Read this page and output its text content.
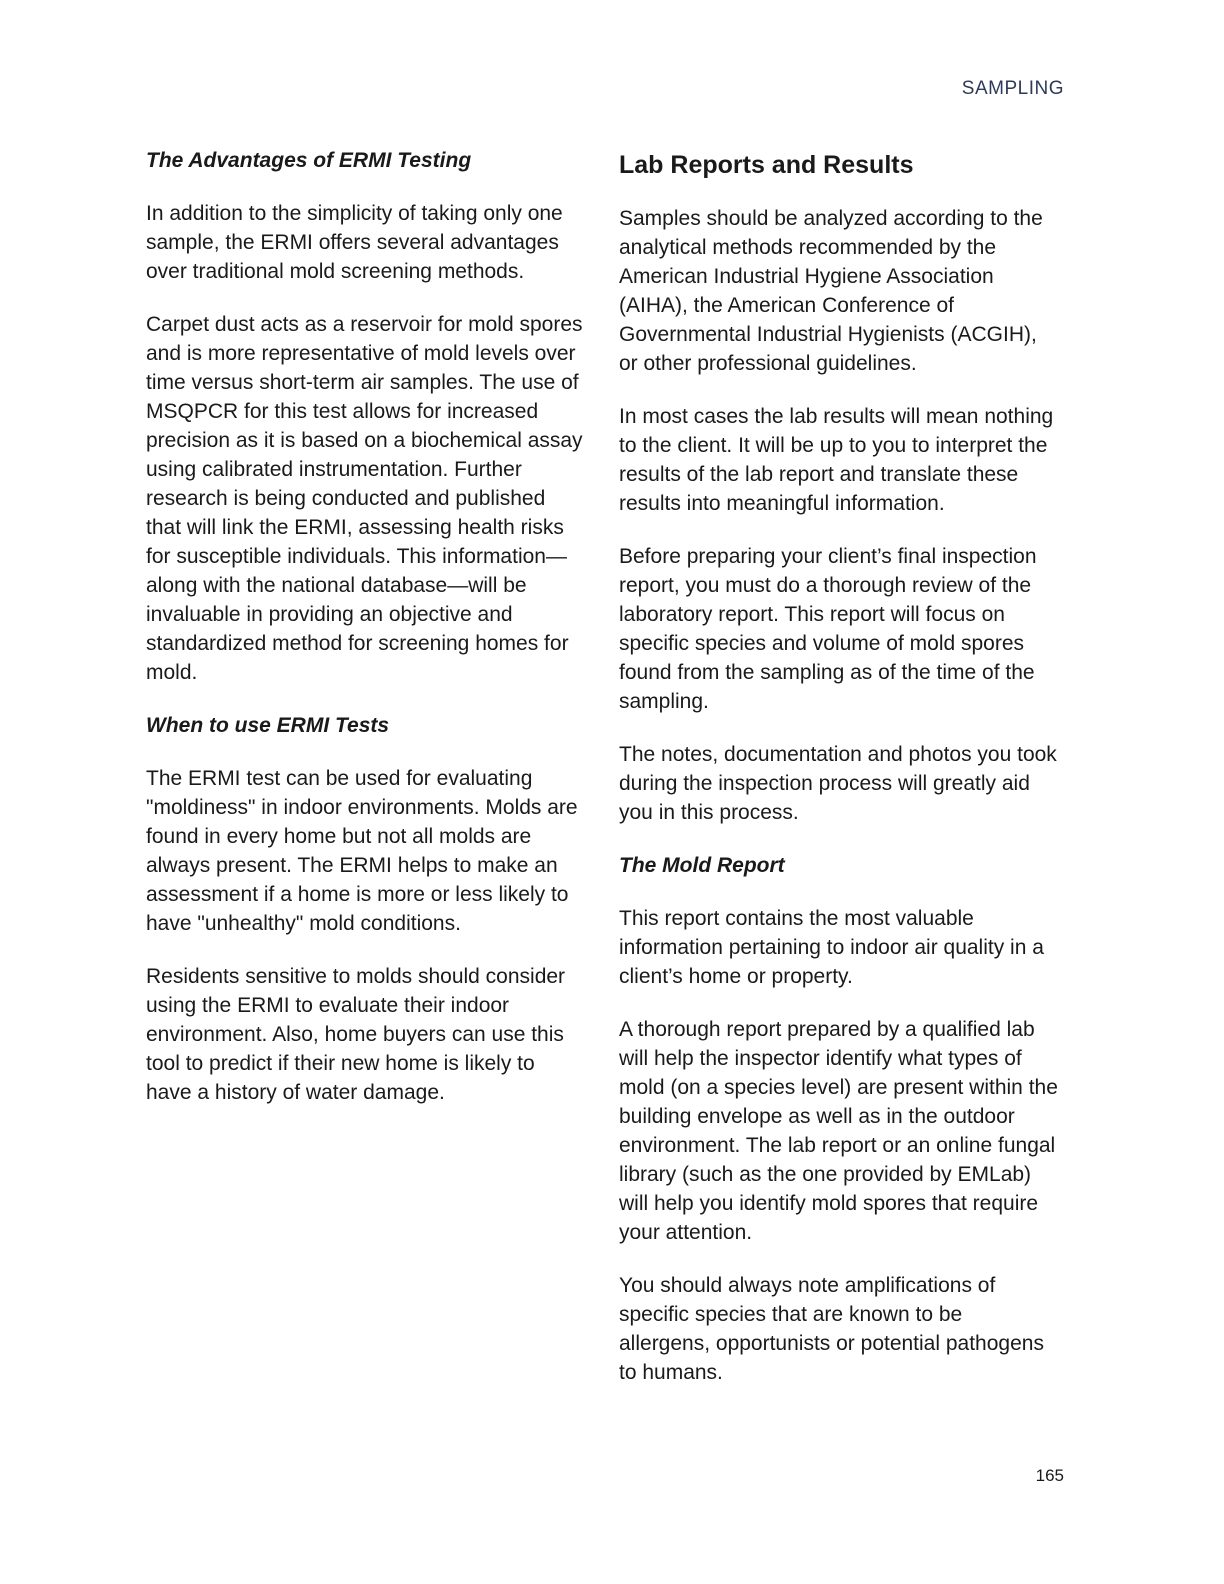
SAMPLING
The Advantages of ERMI Testing

In addition to the simplicity of taking only one sample, the ERMI offers several advantages over traditional mold screening methods.

Carpet dust acts as a reservoir for mold spores and is more representative of mold levels over time versus short-term air samples. The use of MSQPCR for this test allows for increased precision as it is based on a biochemical assay using calibrated instrumentation. Further research is being conducted and published that will link the ERMI, assessing health risks for susceptible individuals. This information—along with the national database—will be invaluable in providing an objective and standardized method for screening homes for mold.

When to use ERMI Tests

The ERMI test can be used for evaluating "moldiness" in indoor environments. Molds are found in every home but not all molds are always present. The ERMI helps to make an assessment if a home is more or less likely to have "unhealthy" mold conditions.

Residents sensitive to molds should consider using the ERMI to evaluate their indoor environment. Also, home buyers can use this tool to predict if their new home is likely to have a history of water damage.

Lab Reports and Results

Samples should be analyzed according to the analytical methods recommended by the American Industrial Hygiene Association (AIHA), the American Conference of Governmental Industrial Hygienists (ACGIH), or other professional guidelines.

In most cases the lab results will mean nothing to the client. It will be up to you to interpret the results of the lab report and translate these results into meaningful information.

Before preparing your client’s final inspection report, you must do a thorough review of the laboratory report. This report will focus on specific species and volume of mold spores found from the sampling as of the time of the sampling.

The notes, documentation and photos you took during the inspection process will greatly aid you in this process.

The Mold Report

This report contains the most valuable information pertaining to indoor air quality in a client’s home or property.

A thorough report prepared by a qualified lab will help the inspector identify what types of mold (on a species level) are present within the building envelope as well as in the outdoor environment. The lab report or an online fungal library (such as the one provided by EMLab) will help you identify mold spores that require your attention.

You should always note amplifications of specific species that are known to be allergens, opportunists or potential pathogens to humans.

165
